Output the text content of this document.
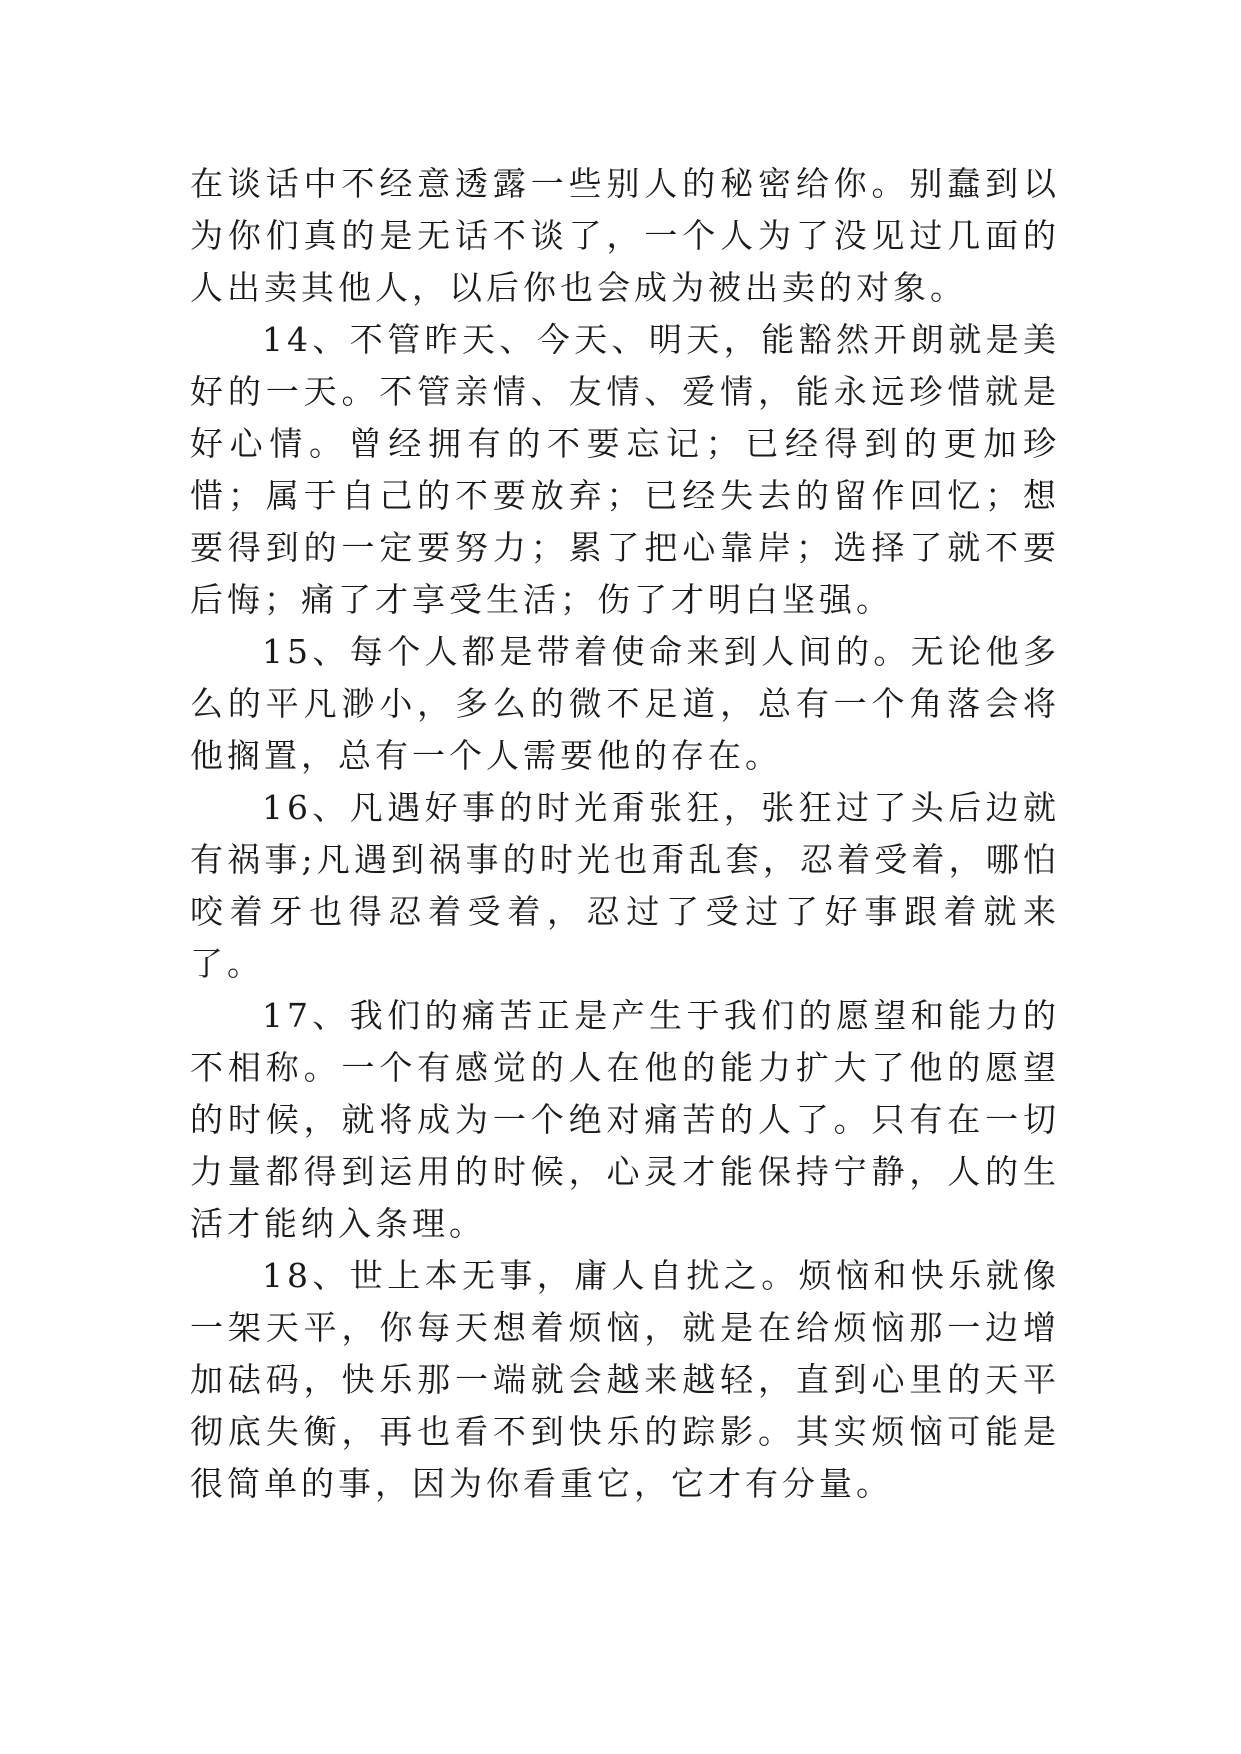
在谈话中不经意透露一些别人的秘密给你。别蠢到以为你们真的是无话不谈了，一个人为了没见过几面的人出卖其他人，以后你也会成为被出卖的对象。

14、不管昨天、今天、明天，能豁然开朗就是美好的一天。不管亲情、友情、爱情，能永远珍惜就是好心情。曾经拥有的不要忘记；已经得到的更加珍惜；属于自己的不要放弃；已经失去的留作回忆；想要得到的一定要努力；累了把心靠岸；选择了就不要后悔；痛了才享受生活；伤了才明白坚强。

15、每个人都是带着使命来到人间的。无论他多么的平凡渺小，多么的微不足道，总有一个角落会将他搁置，总有一个人需要他的存在。

16、凡遇好事的时光甭张狂，张狂过了头后边就有祸事;凡遇到祸事的时光也甭乱套，忍着受着，哪怕咬着牙也得忍着受着，忍过了受过了好事跟着就来了。

17、我们的痛苦正是产生于我们的愿望和能力的不相称。一个有感觉的人在他的能力扩大了他的愿望的时候，就将成为一个绝对痛苦的人了。只有在一切力量都得到运用的时候，心灵才能保持宁静，人的生活才能纳入条理。

18、世上本无事，庸人自扰之。烦恼和快乐就像一架天平，你每天想着烦恼，就是在给烦恼那一边增加砝码，快乐那一端就会越来越轻，直到心里的天平彻底失衡，再也看不到快乐的踪影。其实烦恼可能是很简单的事，因为你看重它，它才有分量。
